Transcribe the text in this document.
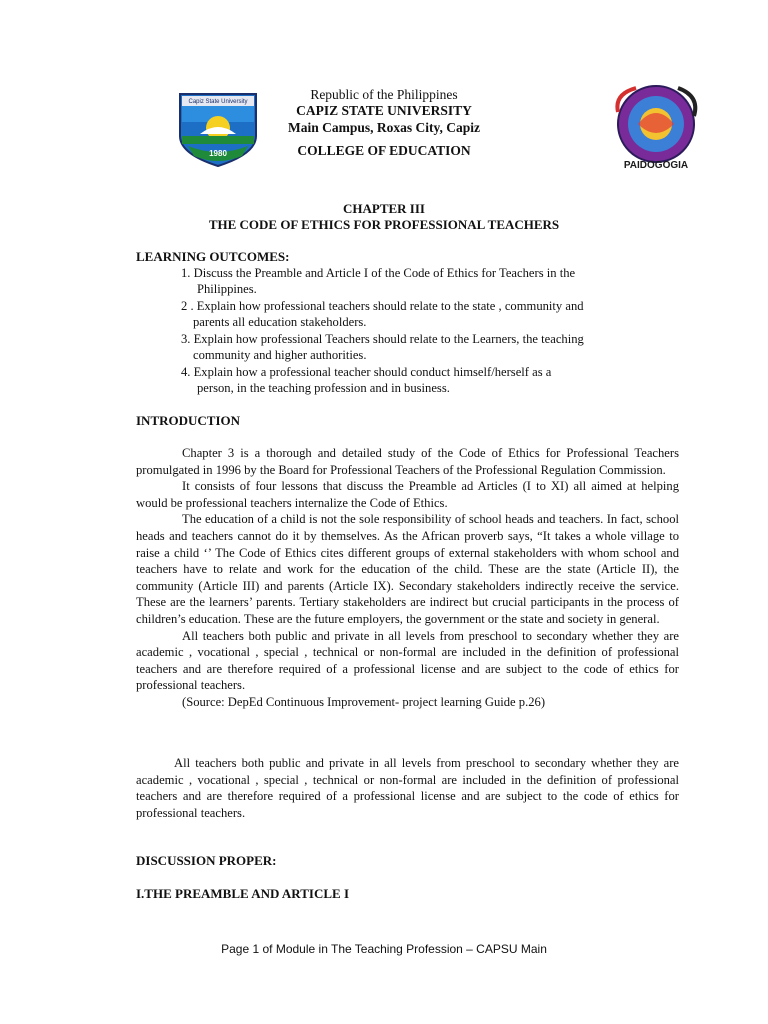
1980
Capiz State University
PAIDOGOGIA
Republic of the Philippines
CAPIZ STATE UNIVERSITY
Main Campus, Roxas City, Capiz
COLLEGE OF EDUCATION
CHAPTER III
THE CODE OF ETHICS FOR PROFESSIONAL TEACHERS
LEARNING OUTCOMES:
1. Discuss the Preamble and Article I of the Code of Ethics for Teachers in the
Philippines.
2 . Explain how professional teachers should relate to the state , community and
parents all education stakeholders.
3. Explain how professional Teachers should relate to the Learners, the teaching
community and higher authorities.
4. Explain how a professional teacher should conduct himself/herself as a
person, in the teaching profession and in business.
INTRODUCTION
Chapter 3 is a thorough and detailed study of the Code of Ethics for Professional Teachers promulgated in 1996 by the Board for Professional Teachers of the Professional Regulation Commission.
It consists of four lessons that discuss the Preamble ad Articles (I to XI) all aimed at helping would be professional teachers internalize the Code of Ethics.
The education of a child is not the sole responsibility of school heads and teachers. In fact, school heads and teachers cannot do it by themselves. As the African proverb says, “It takes a whole village to raise a child ‘’ The Code of Ethics cites different groups of external stakeholders with whom school and teachers have to relate and work for the education of the child. These are the state (Article II), the community (Article III) and parents (Article IX). Secondary stakeholders indirectly receive the service. These are the learners’ parents. Tertiary stakeholders are indirect but crucial participants in the process of children’s education. These are the future employers, the government or the state and society in general.
All teachers both public and private in all levels from preschool to secondary whether they are academic , vocational , special , technical or non-formal are included in the definition of professional teachers and are therefore required of a professional license and are subject to the code of ethics for professional teachers.
(Source: DepEd Continuous Improvement- project learning Guide p.26)
All teachers both public and private in all levels from preschool to secondary whether they are academic , vocational , special , technical or non-formal are included in the definition of professional teachers and are therefore required of a professional license and are subject to the code of ethics for professional teachers.
DISCUSSION PROPER:
I.THE PREAMBLE AND ARTICLE I
Page 1 of Module in The Teaching Profession – CAPSU Main
